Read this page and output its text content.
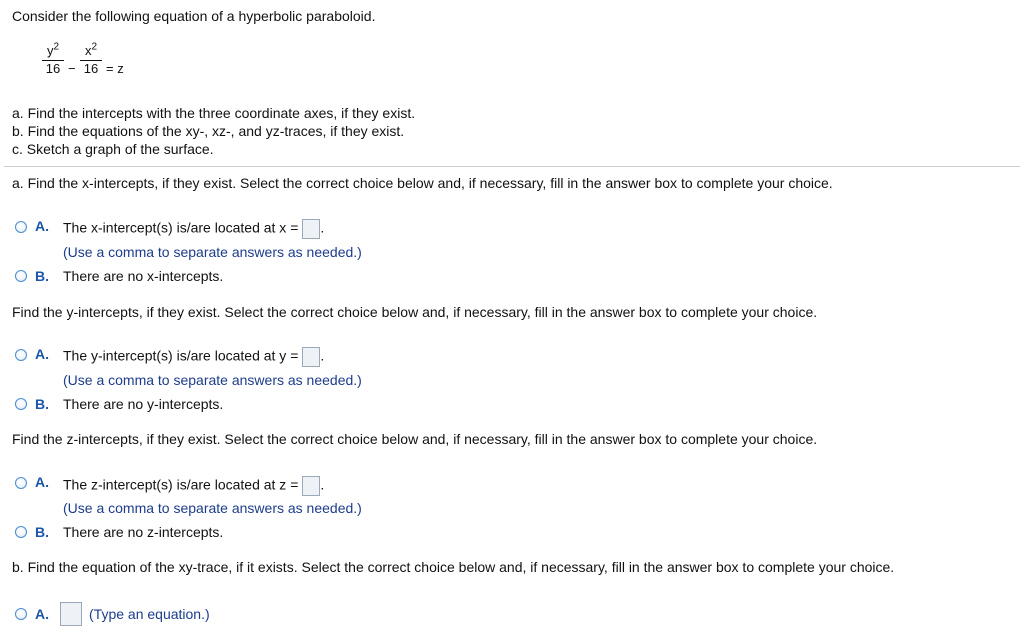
Consider the following equation of a hyperbolic paraboloid.
$y^2$
16 −
$x^2$
16 = z
a. Find the intercepts with the three coordinate axes, if they exist.
b. Find the equations of the xy-, xz-, and yz-traces, if they exist.
c. Sketch a graph of the surface.
a. Find the x-intercepts, if they exist. Select the correct choice below and, if necessary, fill in the answer box to complete your choice.
A. The x-intercept(s) is/are located at x = .
(Use a comma to separate answers as needed.)
B. There are no x-intercepts.
Find the y-intercepts, if they exist. Select the correct choice below and, if necessary, fill in the answer box to complete your choice.
A. The y-intercept(s) is/are located at y = .
(Use a comma to separate answers as needed.)
B. There are no y-intercepts.
Find the z-intercepts, if they exist. Select the correct choice below and, if necessary, fill in the answer box to complete your choice.
A. The z-intercept(s) is/are located at z = .
(Use a comma to separate answers as needed.)
B. There are no z-intercepts.
b. Find the equation of the xy-trace, if it exists. Select the correct choice below and, if necessary, fill in the answer box to complete your choice.
A.	(Type an equation.)
